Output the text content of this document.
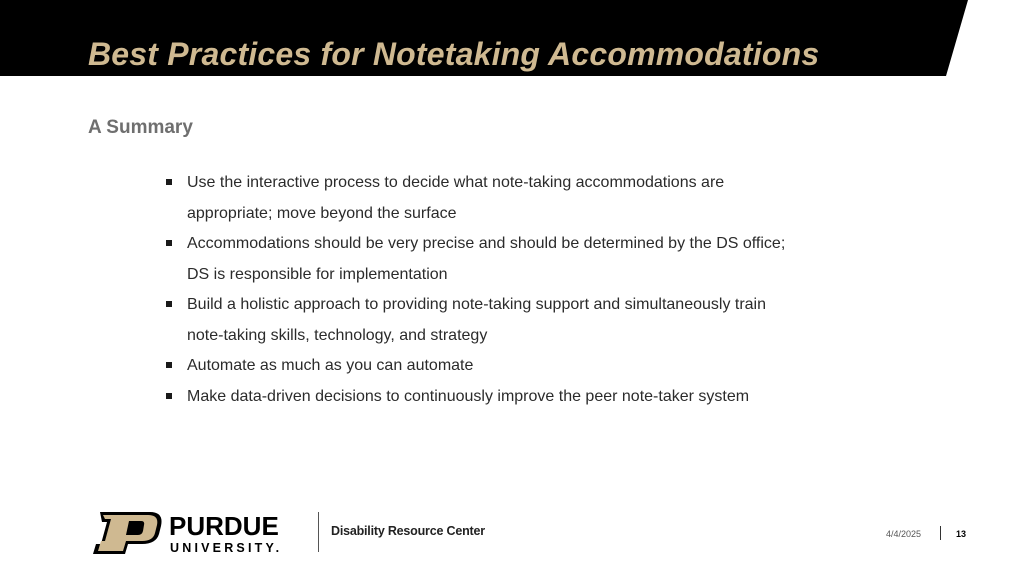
Best Practices for Notetaking Accommodations
A Summary
Use the interactive process to decide what note-taking accommodations are appropriate; move beyond the surface
Accommodations should be very precise and should be determined by the DS office; DS is responsible for implementation
Build a holistic approach to providing note-taking support and simultaneously train note-taking skills, technology, and strategy
Automate as much as you can automate
Make data-driven decisions to continuously improve the peer note-taker system
PURDUE
UNIVERSITY.
Disability Resource Center	4/4/2025	13
